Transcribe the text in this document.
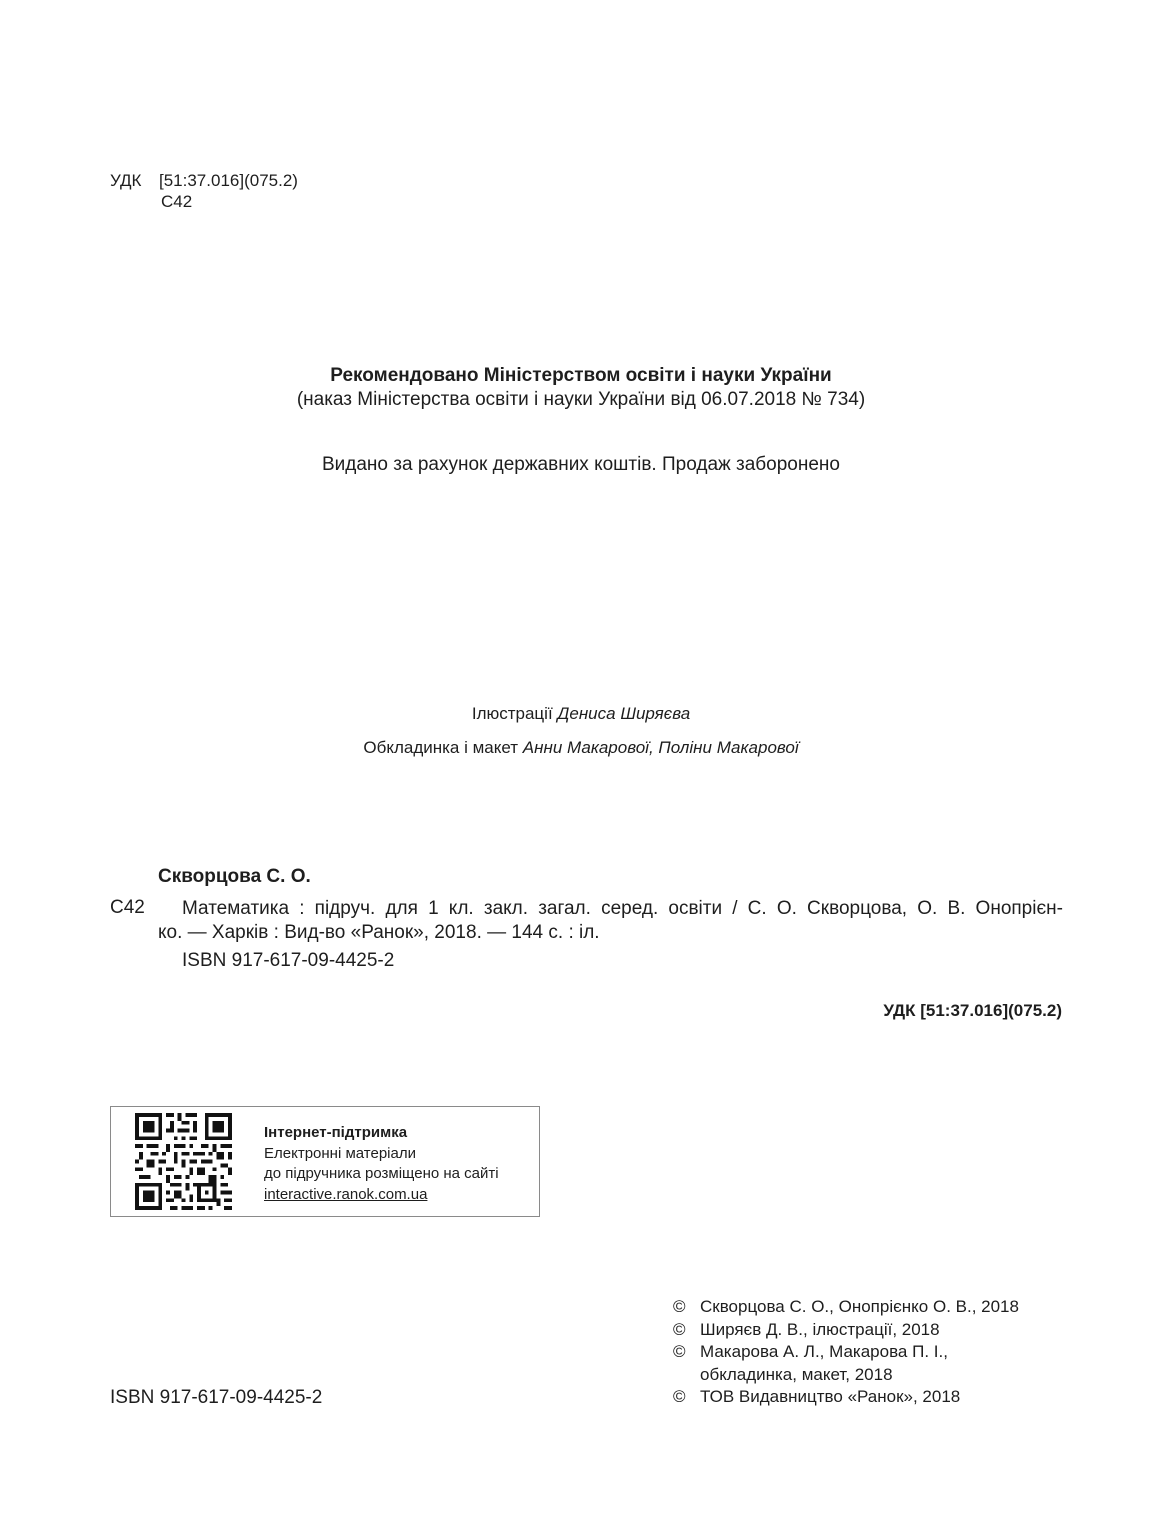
УДК	[51:37.016](075.2)
С42
Рекомендовано Міністерством освіти і науки України
(наказ Міністерства освіти і науки України від 06.07.2018 № 734)
Видано за рахунок державних коштів. Продаж заборонено
Ілюстрації Дениса Ширяєва
Обкладинка і макет Анни Макарової, Поліни Макарової
Скворцова С. О.
С42	Математика : підруч. для 1 кл. закл. загал. серед. освіти / С. О. Скворцова, О. В. Онопрієн-
ко. — Харків : Вид-во «Ранок», 2018. — 144 с. : іл.
ISBN 917-617-09-4425-2
УДК [51:37.016](075.2)
Інтернет-підтримка
Електронні матеріали
до підручника розміщено на сайті
interactive.ranok.com.ua
ISBN 917-617-09-4425-2
© Скворцова С. О., Онопрієнко О. В., 2018
© Ширяєв Д. В., ілюстрації, 2018
© Макарова А. Л., Макарова П. І.,
обкладинка, макет, 2018
© ТОВ Видавництво «Ранок», 2018
